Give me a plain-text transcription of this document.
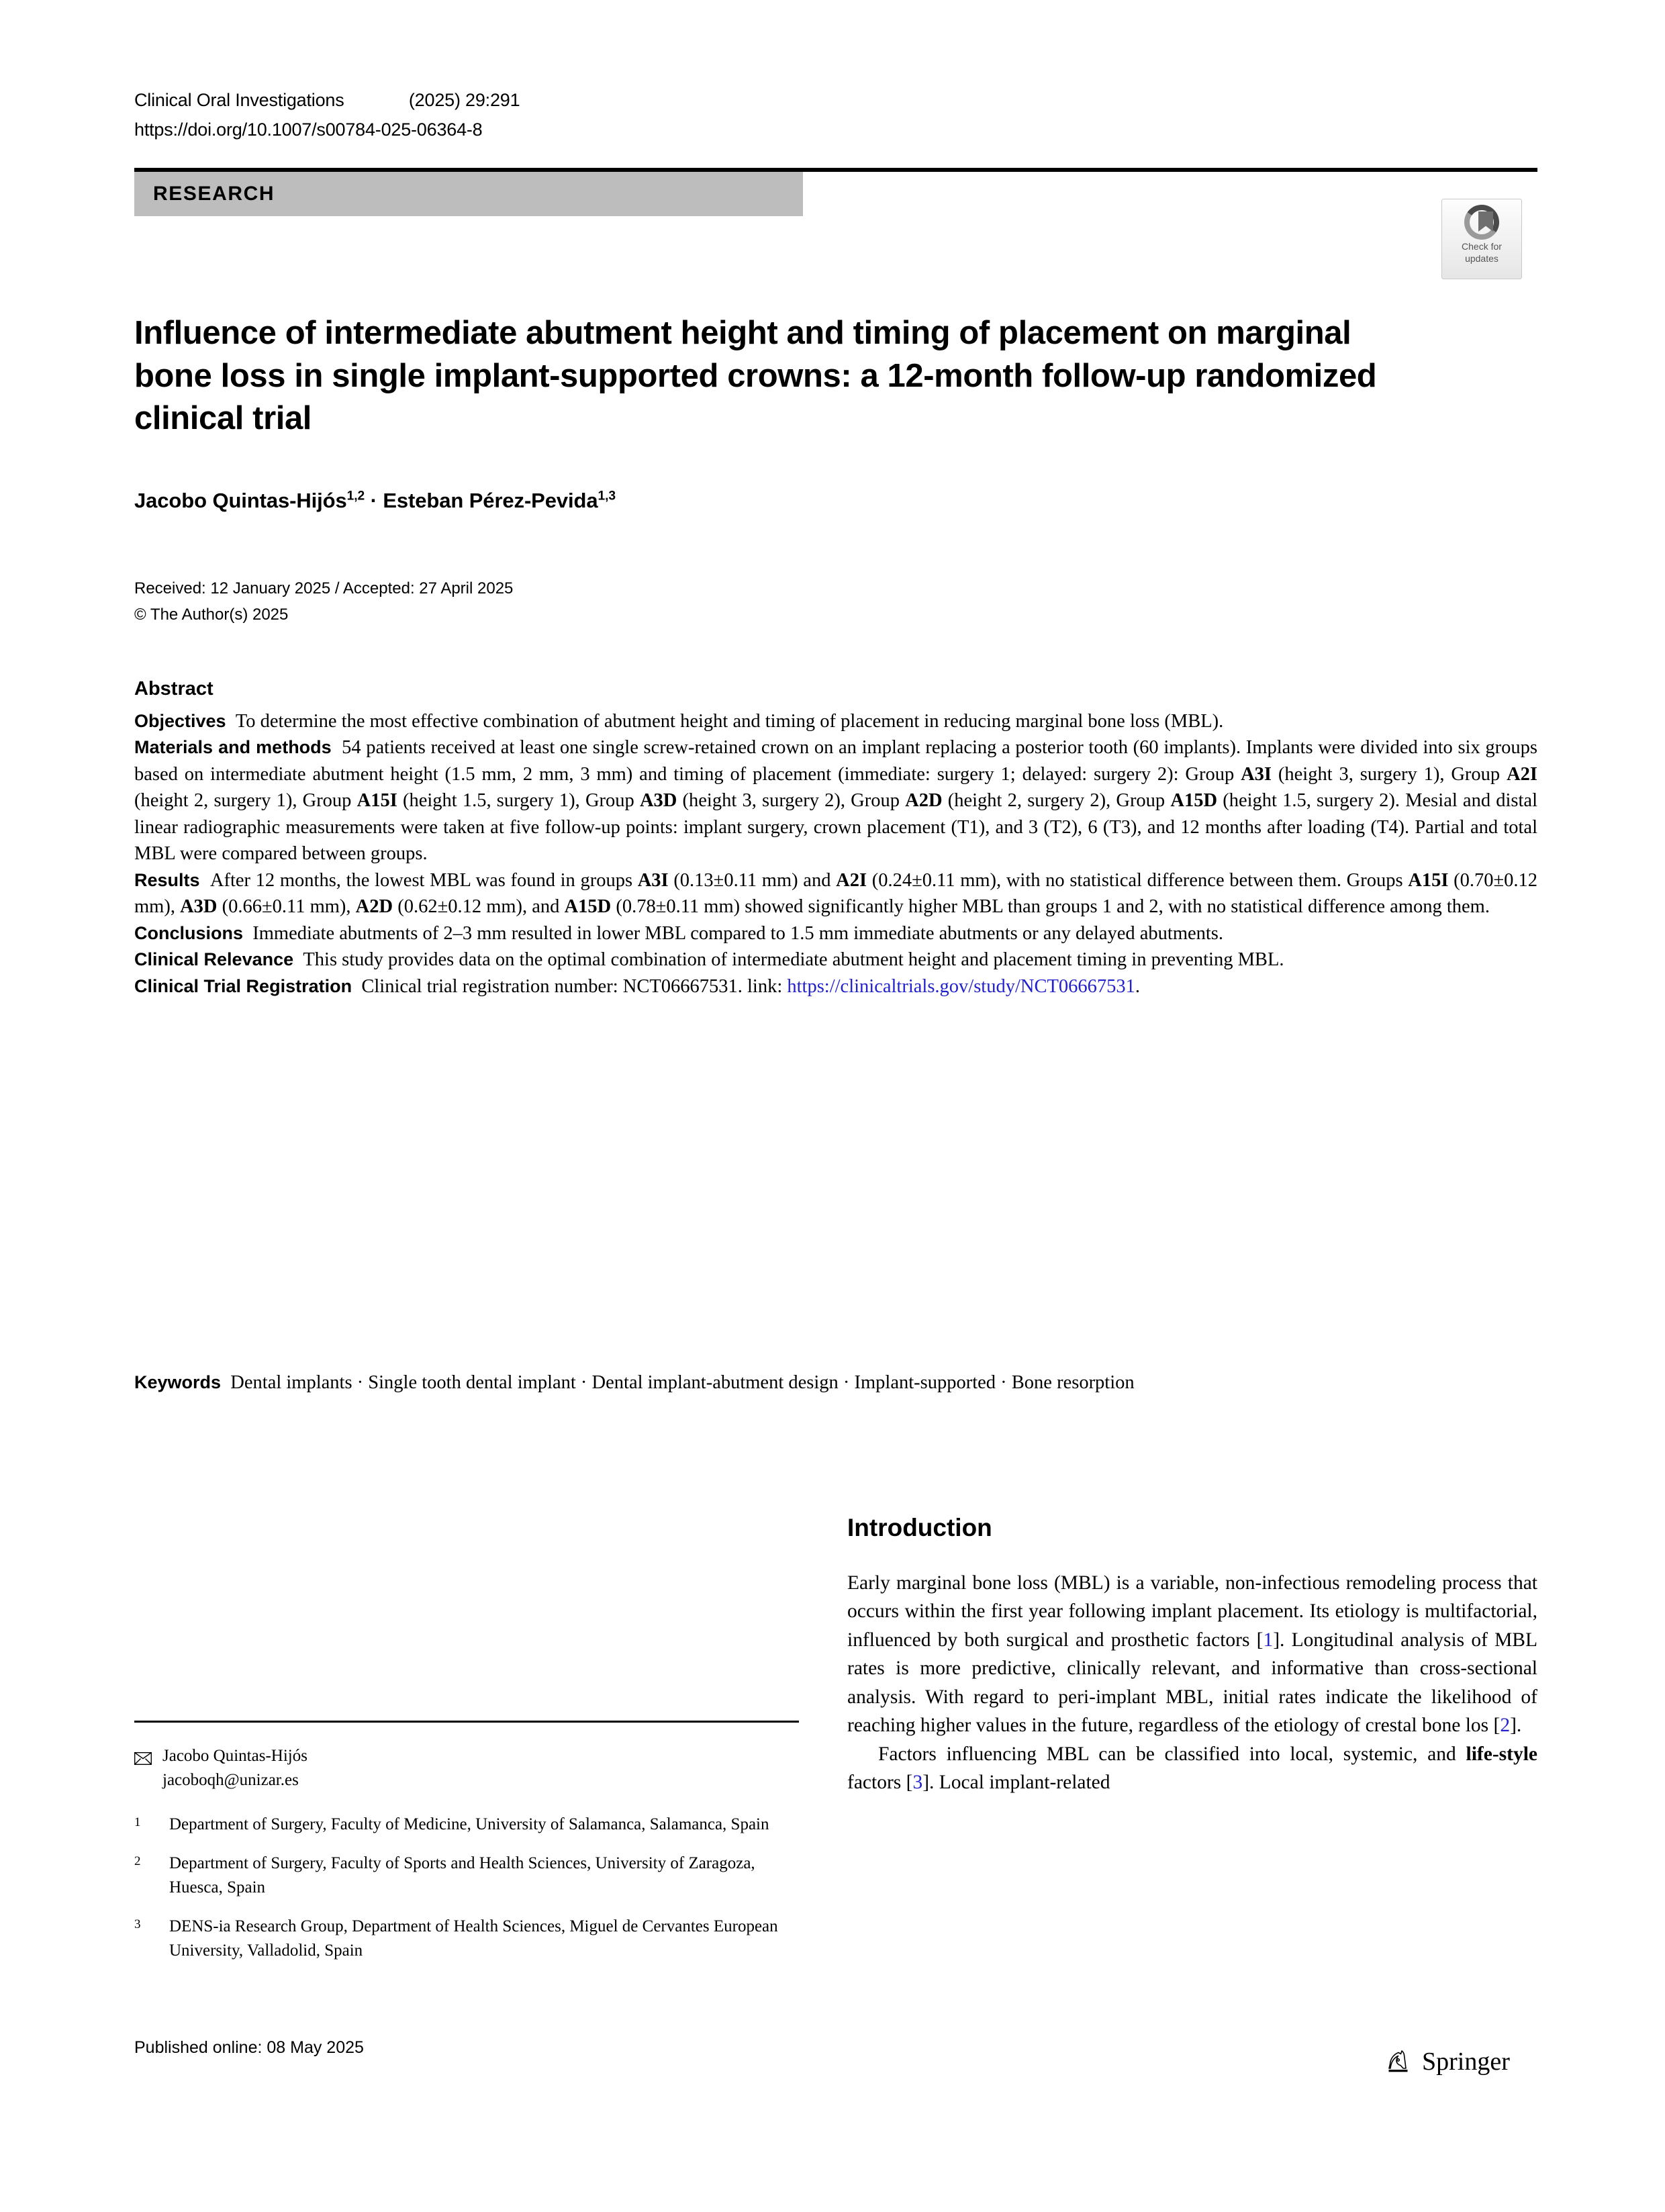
Clinical Oral Investigations			(2025) 29:291
https://doi.org/10.1007/s00784-025-06364-8
RESEARCH
Check for
updates
Influence of intermediate abutment height and timing of placement on marginal bone loss in single implant-supported crowns: a 12-month follow-up randomized clinical trial
Jacobo Quintas-Hijós$^{1,2}$ · Esteban Pérez-Pevida$^{1,3}$
Received: 12 January 2025 / Accepted: 27 April 2025
© The Author(s) 2025
Abstract

Objectives To determine the most effective combination of abutment height and timing of placement in reducing marginal bone loss (MBL).

Materials and methods 54 patients received at least one single screw-retained crown on an implant replacing a posterior tooth (60 implants). Implants were divided into six groups based on intermediate abutment height (1.5 mm, 2 mm, 3 mm) and timing of placement (immediate: surgery 1; delayed: surgery 2): Group A3I (height 3, surgery 1), Group A2I (height 2, surgery 1), Group A15I (height 1.5, surgery 1), Group A3D (height 3, surgery 2), Group A2D (height 2, surgery 2), Group A15D (height 1.5, surgery 2). Mesial and distal linear radiographic measurements were taken at five follow-up points: implant surgery, crown placement (T1), and 3 (T2), 6 (T3), and 12 months after loading (T4). Partial and total MBL were compared between groups.

Results After 12 months, the lowest MBL was found in groups A3I (0.13±0.11 mm) and A2I (0.24±0.11 mm), with no statistical difference between them. Groups A15I (0.70±0.12 mm), A3D (0.66±0.11 mm), A2D (0.62±0.12 mm), and A15D (0.78±0.11 mm) showed significantly higher MBL than groups 1 and 2, with no statistical difference among them.

Conclusions Immediate abutments of 2–3 mm resulted in lower MBL compared to 1.5 mm immediate abutments or any delayed abutments.

Clinical Relevance This study provides data on the optimal combination of intermediate abutment height and placement timing in preventing MBL.

Clinical Trial Registration Clinical trial registration number: NCT06667531. link: https://clinicaltrials.gov/study/NCT06667531.

Keywords Dental implants · Single tooth dental implant · Dental implant-abutment design · Implant-supported · Bone resorption
Jacobo Quintas-Hijós
jacoboqh@unizar.es
1	Department of Surgery, Faculty of Medicine, University of Salamanca, Salamanca, Spain
2	Department of Surgery, Faculty of Sports and Health Sciences, University of Zaragoza, Huesca, Spain
3	DENS-ia Research Group, Department of Health Sciences, Miguel de Cervantes European University, Valladolid, Spain
Published online: 08 May 2025
Introduction

Early marginal bone loss (MBL) is a variable, non-infectious remodeling process that occurs within the first year following implant placement. Its etiology is multifactorial, influenced by both surgical and prosthetic factors [1]. Longitudinal analysis of MBL rates is more predictive, clinically relevant, and informative than cross-sectional analysis. With regard to peri-implant MBL, initial rates indicate the likelihood of reaching higher values in the future, regardless of the etiology of crestal bone los [2].

Factors influencing MBL can be classified into local, systemic, and life-style factors [3]. Local implant-related

Springer
